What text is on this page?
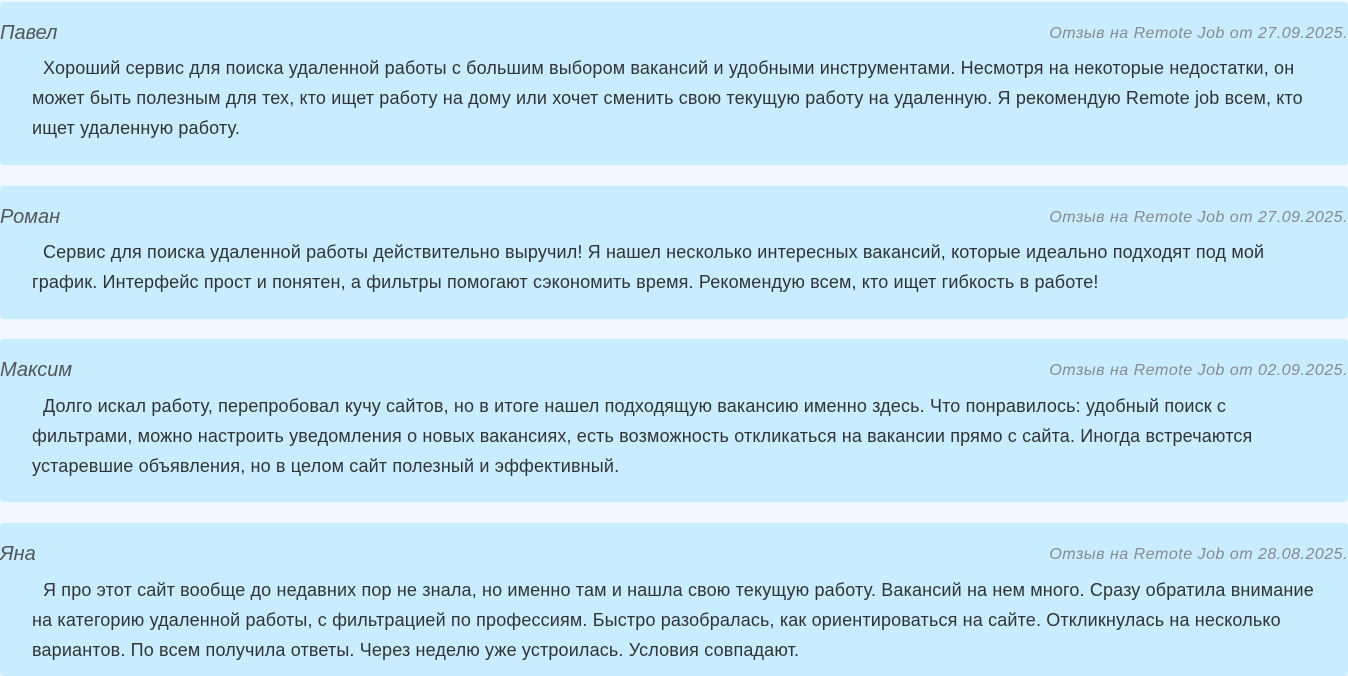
Павел	Отзыв на Remote Job от 27.09.2025.

Хороший сервис для поиска удаленной работы с большим выбором вакансий и удобными инструментами. Несмотря на некоторые недостатки, он может быть полезным для тех, кто ищет работу на дому или хочет сменить свою текущую работу на удаленную. Я рекомендую Remote job всем, кто ищет удаленную работу.

Роман	Отзыв на Remote Job от 27.09.2025.

Сервис для поиска удаленной работы действительно выручил! Я нашел несколько интересных вакансий, которые идеально подходят под мой график. Интерфейс прост и понятен, а фильтры помогают сэкономить время. Рекомендую всем, кто ищет гибкость в работе!

Максим	Отзыв на Remote Job от 02.09.2025.

Долго искал работу, перепробовал кучу сайтов, но в итоге нашел подходящую вакансию именно здесь. Что понравилось: удобный поиск с фильтрами, можно настроить уведомления о новых вакансиях, есть возможность откликаться на вакансии прямо с сайта. Иногда встречаются устаревшие объявления, но в целом сайт полезный и эффективный.

Яна	Отзыв на Remote Job от 28.08.2025.

Я про этот сайт вообще до недавних пор не знала, но именно там и нашла свою текущую работу. Вакансий на нем много. Сразу обратила внимание на категорию удаленной работы, с фильтрацией по профессиям. Быстро разобралась, как ориентироваться на сайте. Откликнулась на несколько вариантов. По всем получила ответы. Через неделю уже устроилась. Условия совпадают.
